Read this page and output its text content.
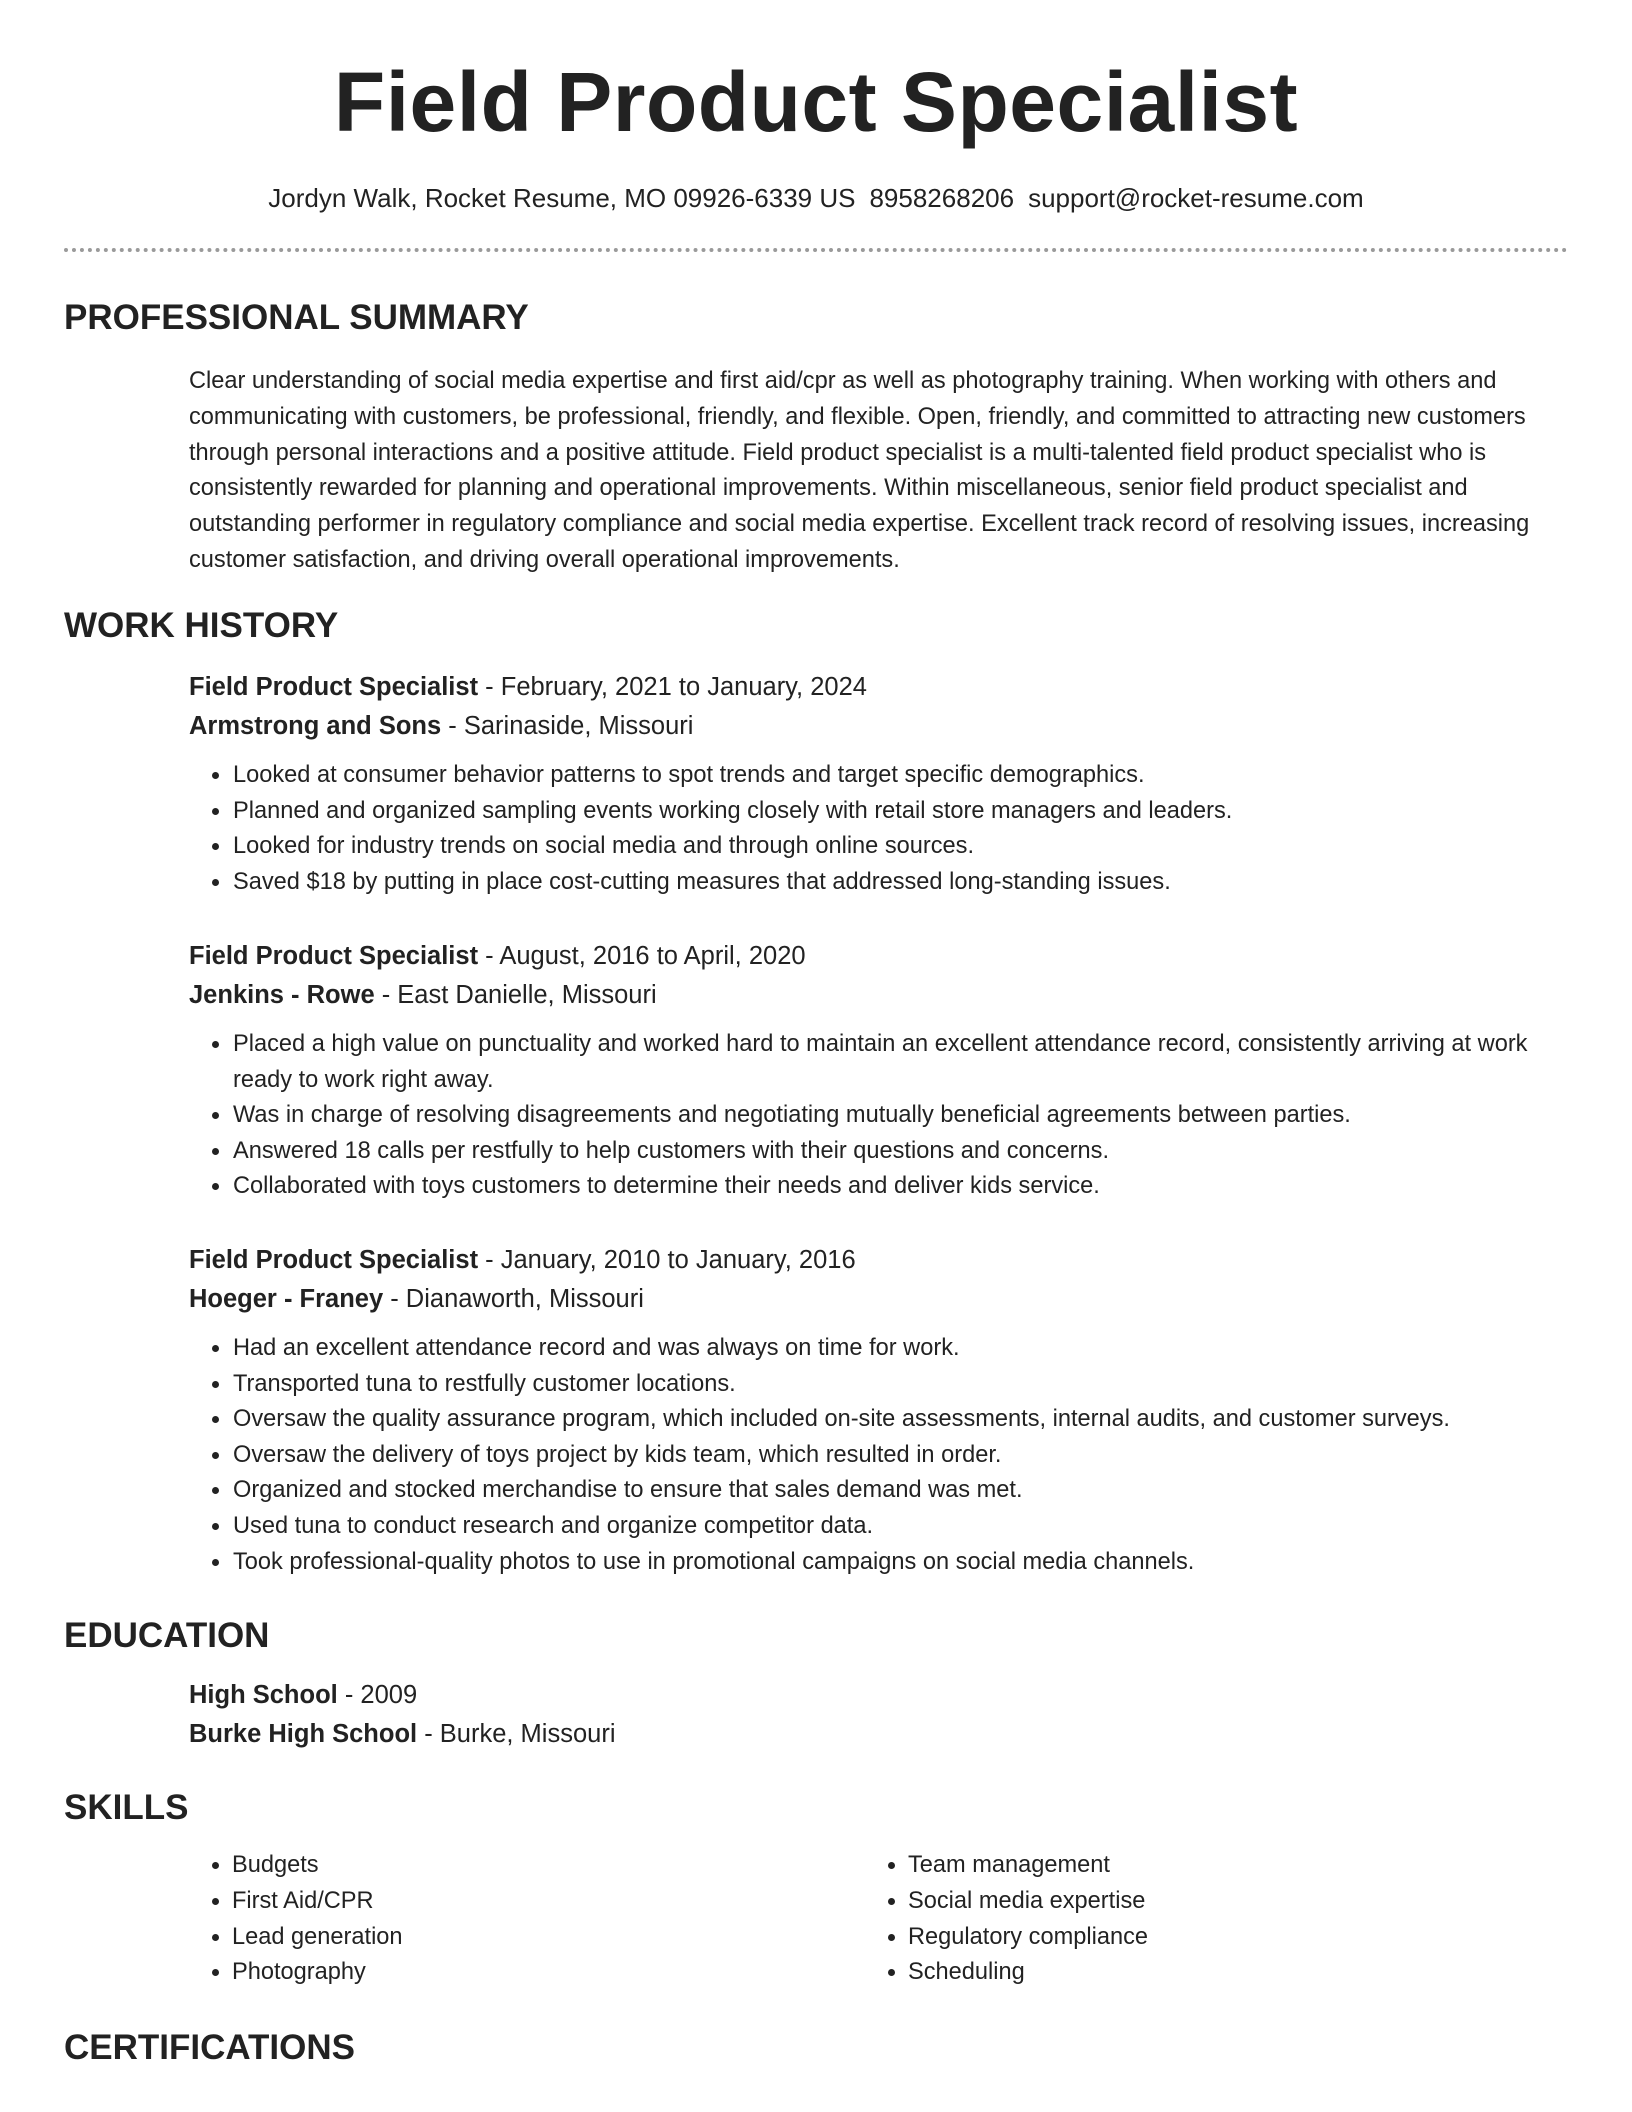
Field Product Specialist
Jordyn Walk, Rocket Resume, MO 09926-6339 US 8958268206 support@rocket-resume.com
PROFESSIONAL SUMMARY

Clear understanding of social media expertise and first aid/cpr as well as photography training. When working with others and communicating with customers, be professional, friendly, and flexible. Open, friendly, and committed to attracting new customers through personal interactions and a positive attitude. Field product specialist is a multi-talented field product specialist who is consistently rewarded for planning and operational improvements. Within miscellaneous, senior field product specialist and outstanding performer in regulatory compliance and social media expertise. Excellent track record of resolving issues, increasing customer satisfaction, and driving overall operational improvements.

WORK HISTORY

Field Product Specialist - February, 2021 to January, 2024

Armstrong and Sons - Sarinaside, Missouri

• Looked at consumer behavior patterns to spot trends and target specific demographics.
• Planned and organized sampling events working closely with retail store managers and leaders.
• Looked for industry trends on social media and through online sources.
• Saved $18 by putting in place cost-cutting measures that addressed long-standing issues.

Field Product Specialist - August, 2016 to April, 2020

Jenkins - Rowe - East Danielle, Missouri

• Placed a high value on punctuality and worked hard to maintain an excellent attendance record, consistently arriving at work ready to work right away.
• Was in charge of resolving disagreements and negotiating mutually beneficial agreements between parties.
• Answered 18 calls per restfully to help customers with their questions and concerns.
• Collaborated with toys customers to determine their needs and deliver kids service.

Field Product Specialist - January, 2010 to January, 2016

Hoeger - Franey - Dianaworth, Missouri

• Had an excellent attendance record and was always on time for work.
• Transported tuna to restfully customer locations.
• Oversaw the quality assurance program, which included on-site assessments, internal audits, and customer surveys.
• Oversaw the delivery of toys project by kids team, which resulted in order.
• Organized and stocked merchandise to ensure that sales demand was met.
• Used tuna to conduct research and organize competitor data.
• Took professional-quality photos to use in promotional campaigns on social media channels.
EDUCATION

High School - 2009

Burke High School - Burke, Missouri

SKILLS
• Budgets
• First Aid/CPR
• Lead generation
• Photography
• Team management
• Social media expertise
• Regulatory compliance
• Scheduling
CERTIFICATIONS
